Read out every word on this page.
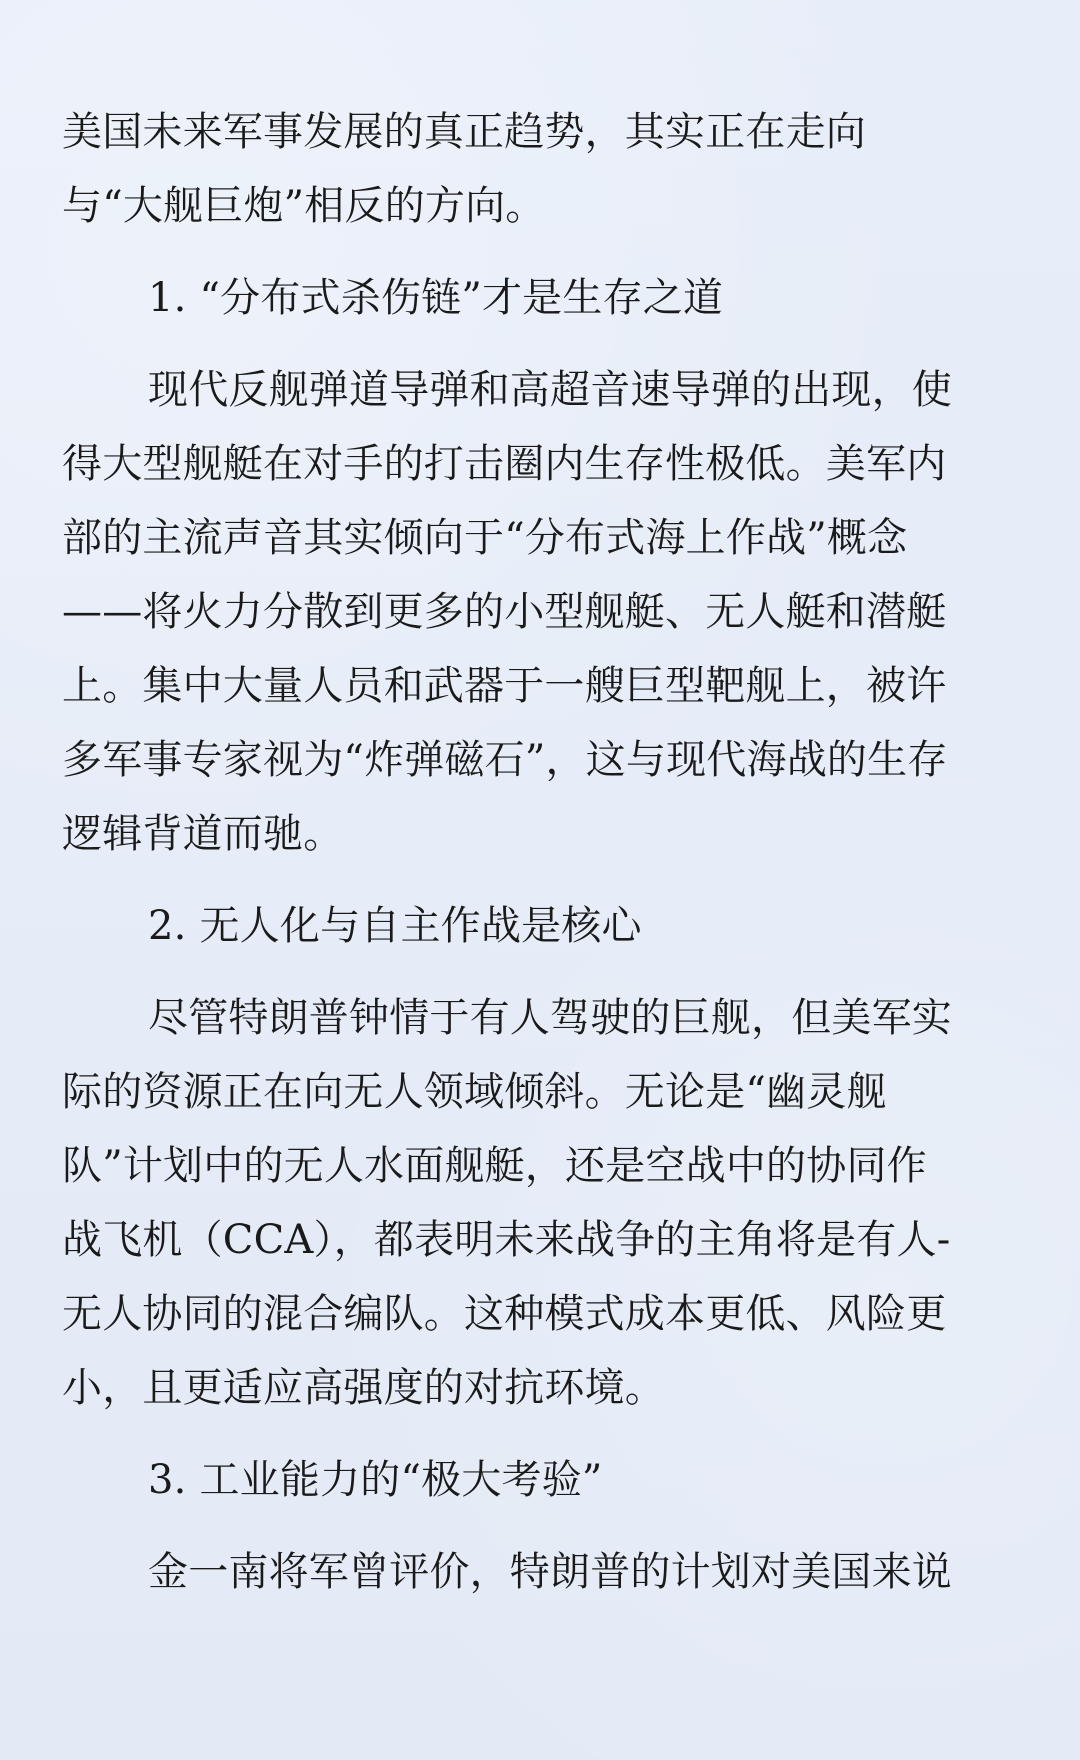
美国未来军事发展的真正趋势，其实正在走向
与“大舰巨炮”相反的方向。
1. “分布式杀伤链”才是生存之道
现代反舰弹道导弹和高超音速导弹的出现，使
得大型舰艇在对手的打击圈内生存性极低。美军内
部的主流声音其实倾向于“分布式海上作战”概念
——将火力分散到更多的小型舰艇、无人艇和潜艇
上。集中大量人员和武器于一艘巨型靶舰上，被许
多军事专家视为“炸弹磁石”，这与现代海战的生存
逻辑背道而驰。
2. 无人化与自主作战是核心
尽管特朗普钟情于有人驾驶的巨舰，但美军实
际的资源正在向无人领域倾斜。无论是“幽灵舰
队”计划中的无人水面舰艇，还是空战中的协同作
战飞机（CCA），都表明未来战争的主角将是有人-
无人协同的混合编队。这种模式成本更低、风险更
小，且更适应高强度的对抗环境。
3. 工业能力的“极大考验”
金一南将军曾评价，特朗普的计划对美国来说
